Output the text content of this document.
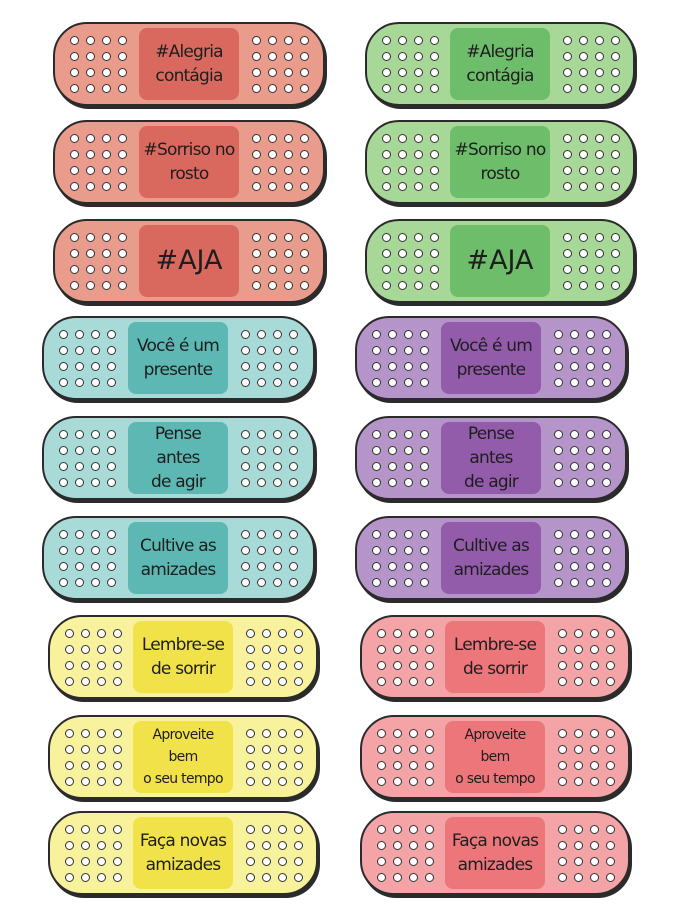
#Alegria
contágia
#Alegria
contágia
#Sorriso no
rosto
#Sorriso no
rosto
#AJA	#AJA
Você é um
presente
Você é um
presente
Pense antes
de agir
Pense antes
de agir
Cultive as
amizades
Cultive as
amizades
Lembre-se
de sorrir
Lembre-se
de sorrir
Aproveite bem
o seu tempo
Aproveite bem
o seu tempo
Faça novas
amizades
Faça novas
amizades
